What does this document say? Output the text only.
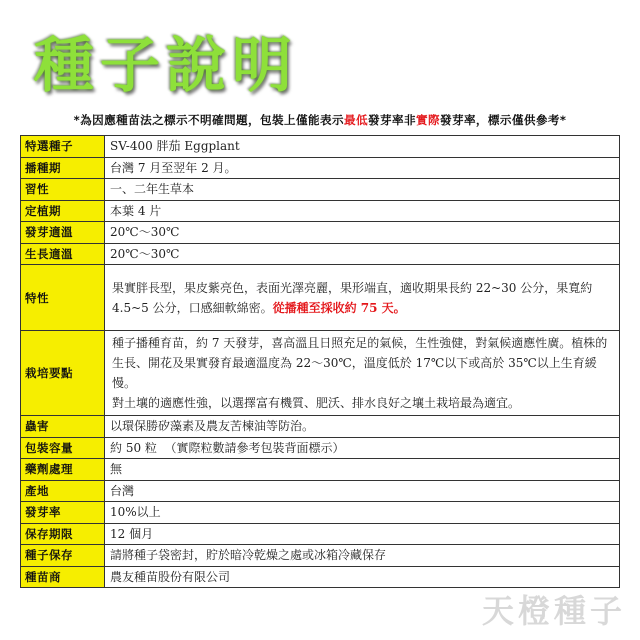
種子說明
*為因應種苗法之標示不明確問題，包裝上僅能表示最低發芽率非實際發芽率，標示僅供參考*
特選種子	SV-400 胖茄 Eggplant
播種期	台灣 7 月至翌年 2 月。
習性	一、二年生草本
定植期	本葉 4 片
發芽適溫	20℃～30℃
生長適溫	20℃～30℃
特性	果實胖長型，果皮紫亮色，表面光澤亮麗，果形端直，適收期果長約 22~30 公分，果寬約 4.5~5 公分，口感細軟綿密。從播種至採收約 75 天。

栽培要點	種子播種育苗，約 7 天發芽，喜高溫且日照充足的氣候，生性強健，對氣候適應性廣。植株的生長、開花及果實發育最適溫度為 22～30℃，溫度低於 17℃以下或高於 35℃以上生育緩慢。
對土壤的適應性強，以選擇富有機質、肥沃、排水良好之壤土栽培最為適宜。

蟲害	以環保勝矽藻素及農友苦楝油等防治。
包裝容量	約 50 粒  （實際粒數請參考包裝背面標示）
藥劑處理	無
產地	台灣
發芽率	10%以上
保存期限	12 個月
種子保存	請將種子袋密封，貯於暗冷乾燥之處或冰箱冷藏保存
種苗商	農友種苗股份有限公司
天橙種子
